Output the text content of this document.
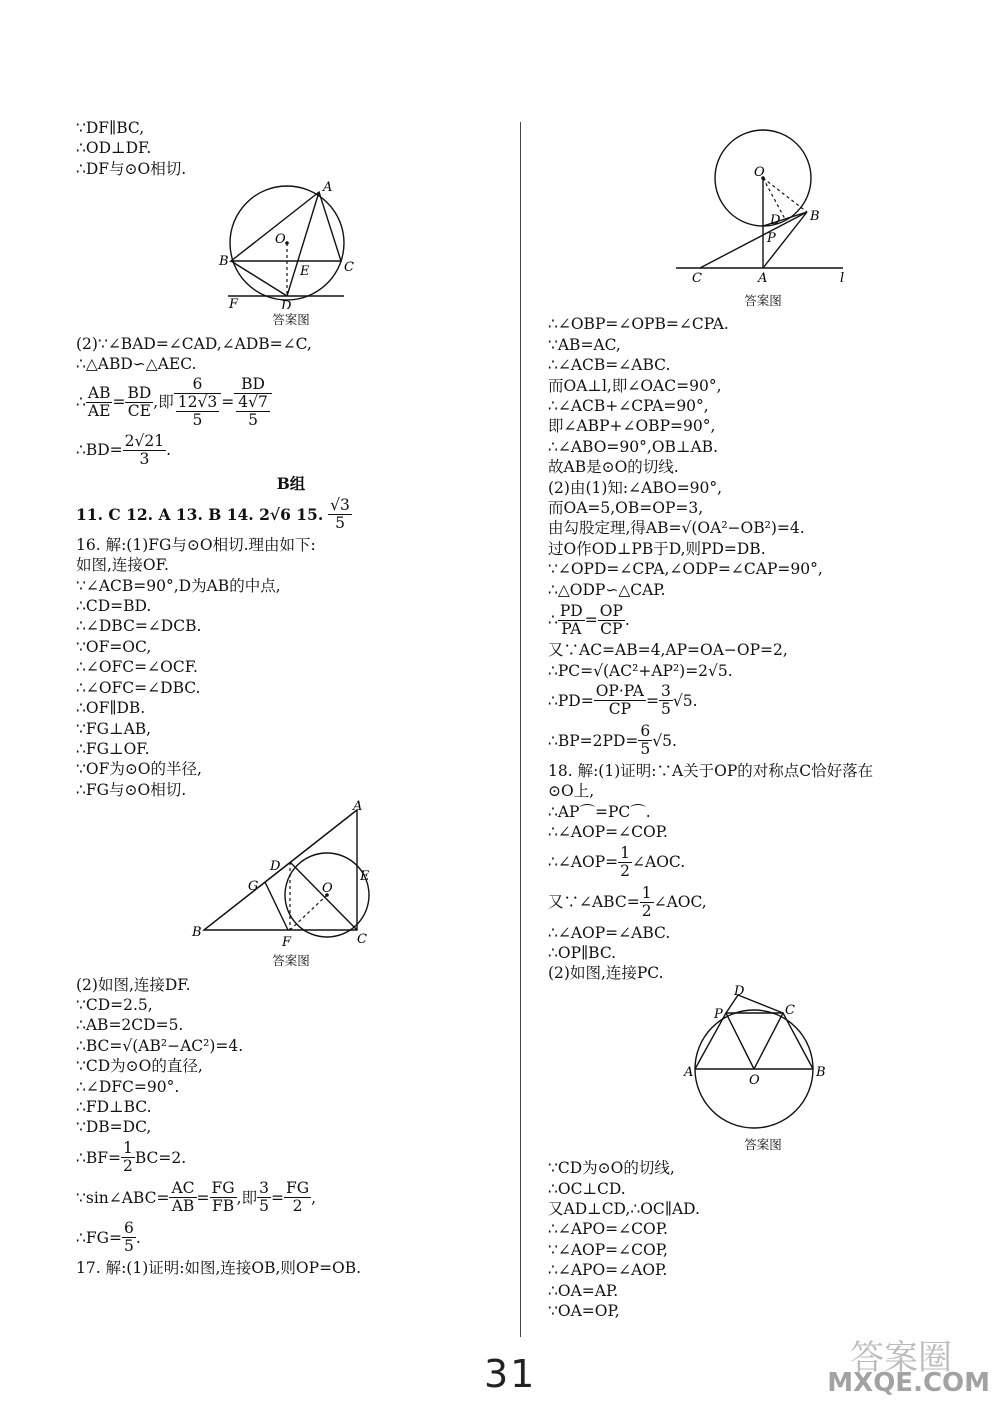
∵DF∥BC,
∴OD⊥DF.
∴DF与⊙O相切.
A
B	C
D
E
F
O
答案图
(2)∵∠BAD=∠CAD,∠ADB=∠C,
∴△ABD∽△AEC.
∴ $\frac{AB}{AE} = \frac{BD}{CE}$ ,即 $\frac{6}{\frac{12√3}{5}} = \frac{BD}{\frac{4√7}{5}}$
∴BD= $\frac{2√21}{3}$ .
B组
11. C 12. A 13. B 14. 2√6 15.
$\frac{√3}{5}$
16. 解:(1)FG与⊙O相切.理由如下:
如图,连接OF.
∵∠ACB=90°,D为AB的中点,
∴CD=BD.
∴∠DBC=∠DCB.
∵OF=OC,
∴∠OFC=∠OCF.
∴∠OFC=∠DBC.
∴OF∥DB.
∵FG⊥AB,
∴FG⊥OF.
∵OF为⊙O的半径,
∴FG与⊙O相切.
A
B	C
D
E
F
G	O
答案图
(2)如图,连接DF.
∵CD=2.5,
∴AB=2CD=5.
∴BC=√(AB²−AC²)=4.
∵CD为⊙O的直径,
∴∠DFC=90°.
∴FD⊥BC.
∵DB=DC,
∴BF= $\frac{1}{2} BC=2$.
∵sin∠ABC= $\frac{AC}{AB} = \frac{FG}{FB}$ ,即 $\frac{3}{5} = \frac{FG}{2}$ ,
∴FG= $\frac{6}{5}$ .
17. 解:(1)证明:如图,连接OB,则OP=OB.
O
D B
P
C	A	l
答案图
∴∠OBP=∠OPB=∠CPA.
∵AB=AC,
∴∠ACB=∠ABC.
而OA⊥l,即∠OAC=90°,
∴∠ACB+∠CPA=90°,
即∠ABP+∠OBP=90°,
∴∠ABO=90°,OB⊥AB.
故AB是⊙O的切线.
(2)由(1)知:∠ABO=90°,
而OA=5,OB=OP=3,
由勾股定理,得AB=√(OA²−OB²)=4.
过O作OD⊥PB于D,则PD=DB.
∵∠OPD=∠CPA,∠ODP=∠CAP=90°,
∴△ODP∽△CAP.
∴ $\frac{PD}{PA} = \frac{OP}{CP}$ .
又∵AC=AB=4,AP=OA−OP=2,
∴PC=√(AC²+AP²)=2√5.
∴PD= $\frac{OP\cdot PA}{CP} = \frac{3}{5} √5$.
∴BP=2PD= $\frac{6}{5} √5$.
18. 解:(1)证明:∵A关于OP的对称点C恰好落在
⊙O上,
∴AP⌒=PC⌒.
∴∠AOP=∠COP.
∴∠AOP= $\frac{1}{2}$ ∠AOC.
又∵∠ABC= $\frac{1}{2}$ ∠AOC,
∴∠AOP=∠ABC.
∴OP∥BC.
(2)如图,连接PC.
D
P	C
A
O
B
答案图
∵CD为⊙O的切线,
∴OC⊥CD.
又AD⊥CD,∴OC∥AD.
∴∠APO=∠COP.
∵∠AOP=∠COP,
∴∠APO=∠AOP.
∴OA=AP.
∵OA=OP,
31	答案圈
MXQE.COM
